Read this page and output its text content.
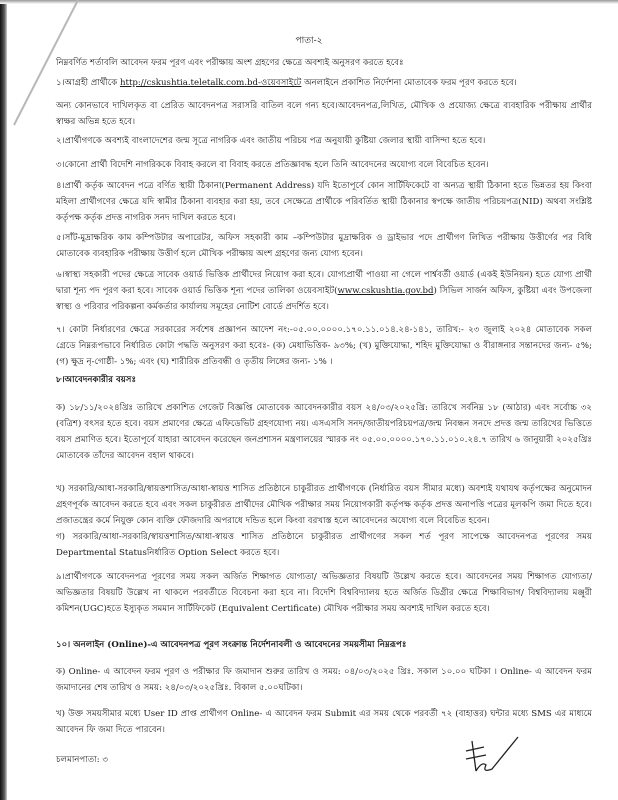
পাতা-২
নিম্নবর্ণিত শর্তাবলি আবেদন ফরম পূরণ এবং পরীক্ষায় অংশ গ্রহণের ক্ষেত্রে অবশ্যই অনুসরণ করতে হবেঃ
১।আগ্রহী প্রার্থীকে http://cskushtia.teletalk.com.bd-ওয়েবসাইটে অনলাইনে প্রকাশিত নির্দেশনা মোতাবেক ফরম পূরণ করতে হবে।
অন্য কোনভাবে দাখিলকৃত বা প্রেরিত আবেদনপত্র সরাসরি বাতিল বলে গন্য হবে।আবেদনপত্র,লিখিত, মৌখিক ও প্রযোজ্য ক্ষেত্রে ব্যবহারিক পরীক্ষায় প্রার্থীর স্বাক্ষর অভিন্ন হতে হবে।
২।প্রার্থীগণকে অবশ্যই বাংলাদেশের জন্ম সূত্রে নাগরিক এবং জাতীয় পরিচয় পত্র অনুযায়ী কুষ্টিয়া জেলার স্থায়ী বাসিন্দা হতে হবে।
৩।কোনো প্রার্থী বিদেশি নাগরিককে বিবাহ করলে বা বিবাহ করতে প্রতিজ্ঞাবদ্ধ হলে তিনি আবেদনের অযোগ্য বলে বিবেচিত হবেন।
৪।প্রার্থী কর্তৃক আবেদন পত্রে বর্ণিত স্থায়ী ঠিকানা(Permanent Address) যদি ইতোপূর্বে কোন সার্টিফিকেটে বা অন্যত্র স্থায়ী ঠিকানা হতে ভিন্নতর হয় কিংবা মহিলা প্রার্থীগণের ক্ষেত্রে যদি স্বামীর ঠিকানা ব্যবহার করা হয়, তবে সেক্ষেত্রে প্রার্থীকে পরিবর্তিত স্থায়ী ঠিকানার স্বপক্ষে জাতীয় পরিচয়পত্র(NID) অথবা সংশ্লিষ্ট কর্তৃপক্ষ কর্তৃক প্রদত্ত নাগরিক সনদ দাখিল করতে হবে।
৫।সাঁট-মুদ্রাক্ষরিক কাম কম্পিউটার অপারেটর, অফিস সহকারী কাম –কম্পিউটার মুদ্রাক্ষরিক ও ড্রাইভার পদে প্রার্থীগণ লিখিত পরীক্ষায় উত্তীর্ণের পর বিধি মোতাবেক ব্যবহারিক পরীক্ষায় উত্তীর্ণ হলে মৌখিক পরীক্ষায় অংশ গ্রহণের জন্য যোগ্য হবেন।
৬।স্বাস্থ্য সহকারী পদের ক্ষেত্রে সাবেক ওয়ার্ড ভিত্তিক প্রার্থীদের নিয়োগ করা হবে। যোগ্যপ্রার্থী পাওয়া না গেলে পার্শ্ববর্তী ওয়ার্ড (একই ইউনিয়ন) হতে যোগ্য প্রার্থী দ্বারা শূন্য পদ পূরণ করা হবে। সাবেক ওয়ার্ড ভিত্তিক শূন্য পদের তালিকা ওয়েবসাইট(www.cskushtia.gov.bd) সিভিল সার্জন অফিস, কুষ্টিয়া এবং উপজেলা স্বাস্থ্য ও পরিবার পরিকল্পনা কর্মকর্তার কার্যালয় সমূহের নোটিশ বোর্ডে প্রদর্শিত হবে।
৭। কোটা নির্ধারণের ক্ষেত্রে সরকারের সর্বশেষ প্রজ্ঞাপন আদেশ নং:-০৫.০০.০০০০.১৭০.১১.০১৪.২৪-১৪১, তারিখ:- ২৩ জুলাই ২০২৪ মোতাবেক সকল গ্রেডে নিম্নরূপভাবে নির্ধারিত কোটা পদ্ধতি অনুসরণ করা হবেঃ- (ক) মেধাভিত্তিক- ৯৩%; (খ) মুক্তিযোদ্ধা, শহিদ মুক্তিযোদ্ধা ও বীরাঙ্গনার সন্তানদের জন্য- ৫%; (গ) ক্ষুদ্র নৃ-গোষ্ঠী- ১%; এবং (ঘ) শারীরিক প্রতিবন্ধী ও তৃতীয় লিঙ্গের জন্য- ১% ।
৮।আবেদনকারীর বয়সঃ
ক) ১৮/১১/২০২৪খ্রিঃ তারিখে প্রকাশিত গেজেট বিজ্ঞপ্তি মোতাবেক আবেদনকারীর বয়স ২৪/০৩/২০২৫খ্রি: তারিখে সর্বনিম্ন ১৮ (আঠার) এবং সর্বোচ্চ ৩২ (বত্রিশ) বৎসর হতে হবে। বয়স প্রমাণের ক্ষেত্রে এফিডেভিট গ্রহণযোগ্য নয়। এসএসসি সনদ/জাতীয়পরিচয়পত্র/জন্ম নিবন্ধন সনদে প্রদত্ত জন্ম তারিখের ভিত্তিতে বয়স প্রমাণিত হবে। ইতোপূর্বে যাহারা আবেদন করেছেন জনপ্রশাসন মন্ত্রণালয়ের স্মারক নং ০৫.০০.০০০০.১৭০.১১.০১০.২৪.৭ তারিখ ৬ জানুয়ারী ২০২৫খ্রিঃ মোতাবেক তাঁদের আবেদন বহাল থাকবে।
খ) সরকারি/আধা-সরকারি/স্বায়ত্তশাসিত/আধা-স্বায়ত্ত শাসিত প্রতিষ্ঠানে চাকুরীরত প্রার্থীগণকে (নির্ধারিত বয়স সীমার মধ্যে) অবশ্যই যথাযথ কর্তৃপক্ষের অনুমোদন গ্রহণপূর্বক আবেদন করতে হবে এবং সকল চাকুরীরত প্রার্থীদের মৌখিক পরীক্ষার সময় নিয়োগকারী কর্তৃপক্ষ কর্তৃক প্রদত্ত অনাপত্তি পত্রের মূলকপি জমা দিতে হবে। প্রজাতন্ত্রের কর্মে নিযুক্ত কোন ব্যক্তি ফৌজদারি অপরাধে দন্ডিত হলে কিংবা বরখাস্ত হলে আবেদনের অযোগ্য বলে বিবেচিত হবেন।
গ) সরকারি/আধা-সরকারি/স্বায়ত্তশাসিত/আধা-স্বায়ত্ত শাসিত প্রতিষ্ঠানে চাকুরীরত প্রার্থীগণের সকল শর্ত পূরণ সাপেক্ষে আবেদনপত্র পূরণের সময় Departmental Statusনির্ধারিত Option Select করতে হবে।
৯।প্রার্থীগণকে আবেদনপত্র পূরণের সময় সকল অর্জিত শিক্ষাগত যোগ্যতা/ অভিজ্ঞতার বিষয়টি উল্লেখ করতে হবে। আবেদনের সময় শিক্ষাগত যোগ্যতা/ অভিজ্ঞতার বিষয়টি উল্লেখ না থাকলে পরবর্তীতে বিবেচনা করা হবে না। বিদেশি বিশ্ববিদ্যালয় হতে অর্জিত ডিগ্রীর ক্ষেত্রে শিক্ষাবিভাগ/ বিশ্ববিদ্যালয় মঞ্জুরী কমিশন(UGC)হতে ইস্যুকৃত সমমান সার্টিফিকেট (Equivalent Certificate) মৌখিক পরীক্ষার সময় অবশ্যই দাখিল করতে হবে।
১০। অনলাইন (Online)-এ আবেদনপত্র পূরণ সংক্রান্ত নির্দেশনাবলী ও আবেদনের সময়সীমা নিম্নরূপঃ
ক) Online- এ আবেদন ফরম পূরণ ও পরীক্ষার ফি জমাদান শুরুর তারিখ ও সময়: ০৪/০৩/২০২৫ খ্রিঃ. সকাল ১০.০০ ঘটিকা । Online- এ আবেদন ফরম জমাদানের শেষ তারিখ ও সময়: ২৪/০৩/২০২৫খ্রিঃ. বিকাল ৫.০০ঘটিকা।
খ) উক্ত সময়সীমার মধ্যে User ID প্রাপ্ত প্রার্থীগণ Online- এ আবেদন ফরম Submit এর সময় থেকে পরবর্তী ৭২ (বাহাত্তর) ঘন্টার মধ্যে SMS এর মাধ্যমে আবেদন ফি জমা দিতে পারবেন।
চলমানপাতা: ৩
